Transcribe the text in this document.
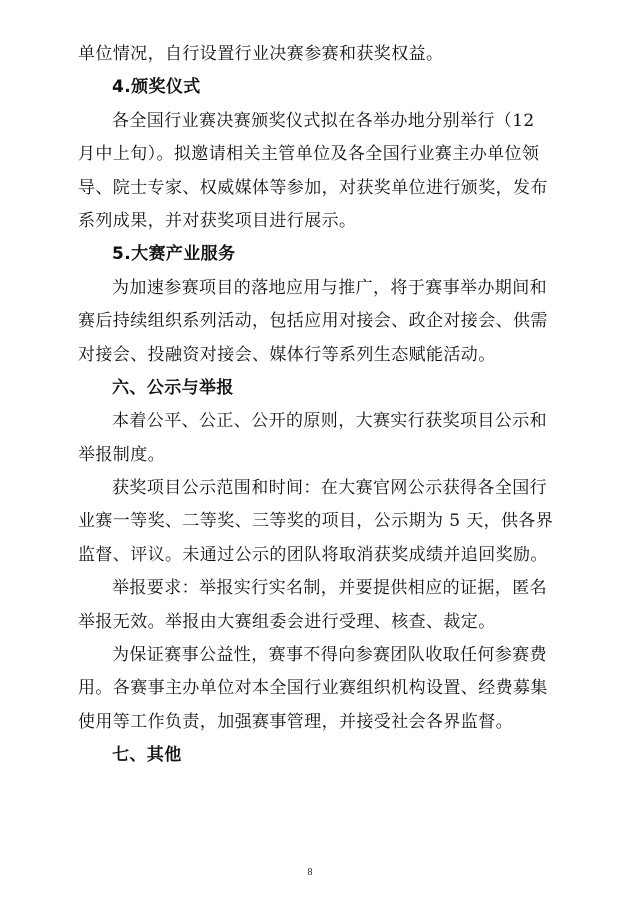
单位情况，自行设置行业决赛参赛和获奖权益。
4.颁奖仪式
各全国行业赛决赛颁奖仪式拟在各举办地分别举行（12
月中上旬）。拟邀请相关主管单位及各全国行业赛主办单位领
导、院士专家、权威媒体等参加，对获奖单位进行颁奖，发布
系列成果，并对获奖项目进行展示。
5.大赛产业服务
为加速参赛项目的落地应用与推广，将于赛事举办期间和
赛后持续组织系列活动，包括应用对接会、政企对接会、供需
对接会、投融资对接会、媒体行等系列生态赋能活动。
六、公示与举报
本着公平、公正、公开的原则，大赛实行获奖项目公示和
举报制度。
获奖项目公示范围和时间：在大赛官网公示获得各全国行
业赛一等奖、二等奖、三等奖的项目，公示期为 5 天，供各界
监督、评议。未通过公示的团队将取消获奖成绩并追回奖励。
举报要求：举报实行实名制，并要提供相应的证据，匿名
举报无效。举报由大赛组委会进行受理、核查、裁定。
为保证赛事公益性，赛事不得向参赛团队收取任何参赛费
用。各赛事主办单位对本全国行业赛组织机构设置、经费募集
使用等工作负责，加强赛事管理，并接受社会各界监督。
七、其他
8
